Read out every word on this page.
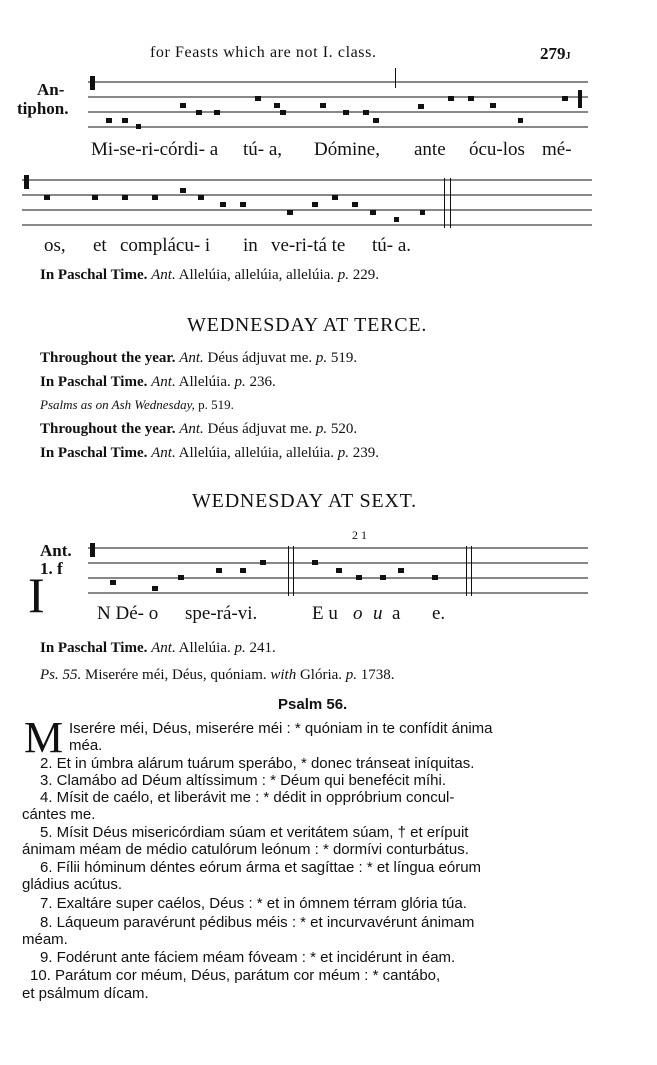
for Feasts which are not I. class.	279J
An-
tiphon.
Mi-se-ri-córdi- a tú- a, Dómine, ante ócu-los mé-
os, et complácu- i in ve-ri-tá te tú- a.
In Paschal Time. Ant. Allelúia, allelúia, allelúia. p. 229.
WEDNESDAY AT TERCE.
Throughout the year. Ant. Déus ádjuvat me. p. 519.
In Paschal Time. Ant. Allelúia. p. 236.
Psalms as on Ash Wednesday, p. 519.
Throughout the year. Ant. Déus ádjuvat me. p. 520.
In Paschal Time. Ant. Allelúia, allelúia, allelúia. p. 239.
WEDNESDAY AT SEXT.
2 1
Ant.
1. f
I	N Dé- o spe-rá-vi.	E u o u a e.
In Paschal Time. Ant. Allelúia. p. 241.
Ps. 55. Miserére méi, Déus, quóniam. with Glória. p. 1738.
Psalm 56.
M Iserére méi, Déus, miserére méi : * quóniam in te confídit ánima
méa.
2. Et in úmbra alárum tuárum sperábo, * donec tránseat iníquitas.
3. Clamábo ad Déum altíssimum : * Déum qui benefécit míhi.
4. Mísit de caélo, et liberávit me : * dédit in oppróbrium concul-
cántes me.
5. Mísit Déus misericórdiam súam et veritátem súam, † et erípuit
ánimam méam de médio catulórum leónum : * dormívi conturbátus.
6. Fílii hóminum déntes eórum árma et sagíttae : * et língua eórum
gládius acútus.
7. Exaltáre super caélos, Déus : * et in ómnem térram glória túa.
8. Láqueum paravérunt pédibus méis : * et incurvavérunt ánimam
méam.
9. Fodérunt ante fáciem méam fóveam : * et incidérunt in éam.
10. Parátum cor méum, Déus, parátum cor méum : * cantábo,
et psálmum dícam.
